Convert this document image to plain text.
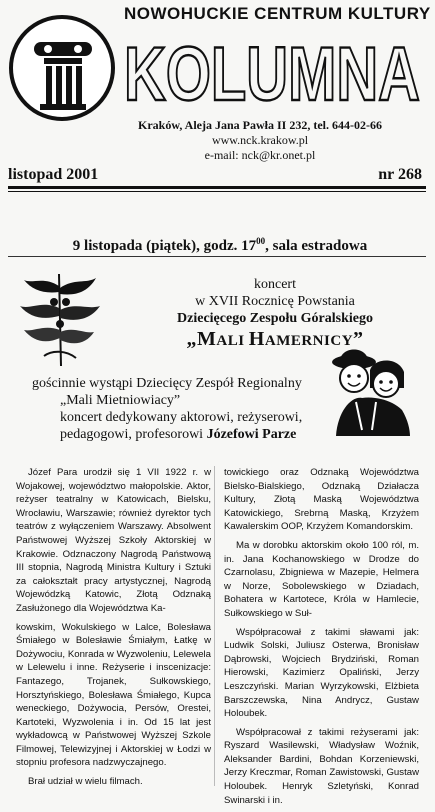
NOWOHUCKIE CENTRUM KULTURY
KOLUMNA
Kraków, Aleja Jana Pawła II 232, tel. 644-02-66
www.nck.krakow.pl
e-mail: nck@kr.onet.pl
listopad 2001	nr 268
9 listopada (piątek), godz. $17^{00}$, sala estradowa
koncert
w XVII Rocznicę Powstania
Dziecięcego Zespołu Góralskiego
„MALI HAMERNICY”
gościnnie wystąpi Dziecięcy Zespół Regionalny
„Mali Mietniowiacy”
koncert dedykowany aktorowi, reżyserowi,
pedagogowi, profesorowi Józefowi Parze

Józef Para urodził się 1 VII 1922 r. w Wojakowej, województwo małopolskie. Aktor, reżyser teatralny w Katowicach, Bielsku, Wrocławiu, Warszawie; również dyrektor tych teatrów z wyłączeniem Warszawy. Absolwent Państwowej Wyższej Szkoły Aktorskiej w Krakowie. Odznaczony Nagrodą Państwową III stopnia, Nagrodą Ministra Kultury i Sztuki za całokształt pracy artystycznej, Nagrodą Wojewódzką Katowic, Złotą Odznaką Zasłużonego dla Województwa Ka-

kowskim, Wokulskiego w Lalce, Bolesława Śmiałego w Bolesławie Śmiałym, Łatkę w Dożywociu, Konrada w Wyzwoleniu, Lelewela w Lelewelu i inne. Reżyserie i inscenizacje: Fantazego, Trojanek, Sułkowskiego, Horsztyńskiego, Bolesława Śmiałego, Kupca weneckiego, Dożywocia, Persów, Orestei, Kartoteki, Wyzwolenia i in. Od 15 lat jest wykładowcą w Państwowej Wyższej Szkole Filmowej, Telewizyjnej i Aktorskiej w Łodzi w stopniu profesora nadzwyczajnego.

Brał udział w wielu filmach.

towickiego oraz Odznaką Województwa Bielsko-Bialskiego, Odznaką Działacza Kultury, Złotą Maską Województwa Katowickiego, Srebrną Maską, Krzyżem Kawalerskim OOP, Krzyżem Komandorskim.

Ma w dorobku aktorskim około 100 ról, m. in. Jana Kochanowskiego w Drodze do Czarnolasu, Zbigniewa w Mazepie, Helmera w Norze, Sobolewskiego w Dziadach, Bohatera w Kartotece, Króla w Hamlecie, Sułkowskiego w Suł-

Współpracował z takimi sławami jak: Ludwik Solski, Juliusz Osterwa, Bronisław Dąbrowski, Wojciech Brydziński, Roman Hierowski, Kazimierz Opaliński, Jerzy Leszczyński. Marian Wyrzykowski, Elżbieta Barszczewska, Nina Andrycz, Gustaw Holoubek.

Współpracował z takimi reżyserami jak: Ryszard Wasilewski, Władysław Woźnik, Aleksander Bardini, Bohdan Korzeniewski, Jerzy Kreczmar, Roman Zawistowski, Gustaw Holoubek. Henryk Szletyński, Konrad Swinarski i in.
